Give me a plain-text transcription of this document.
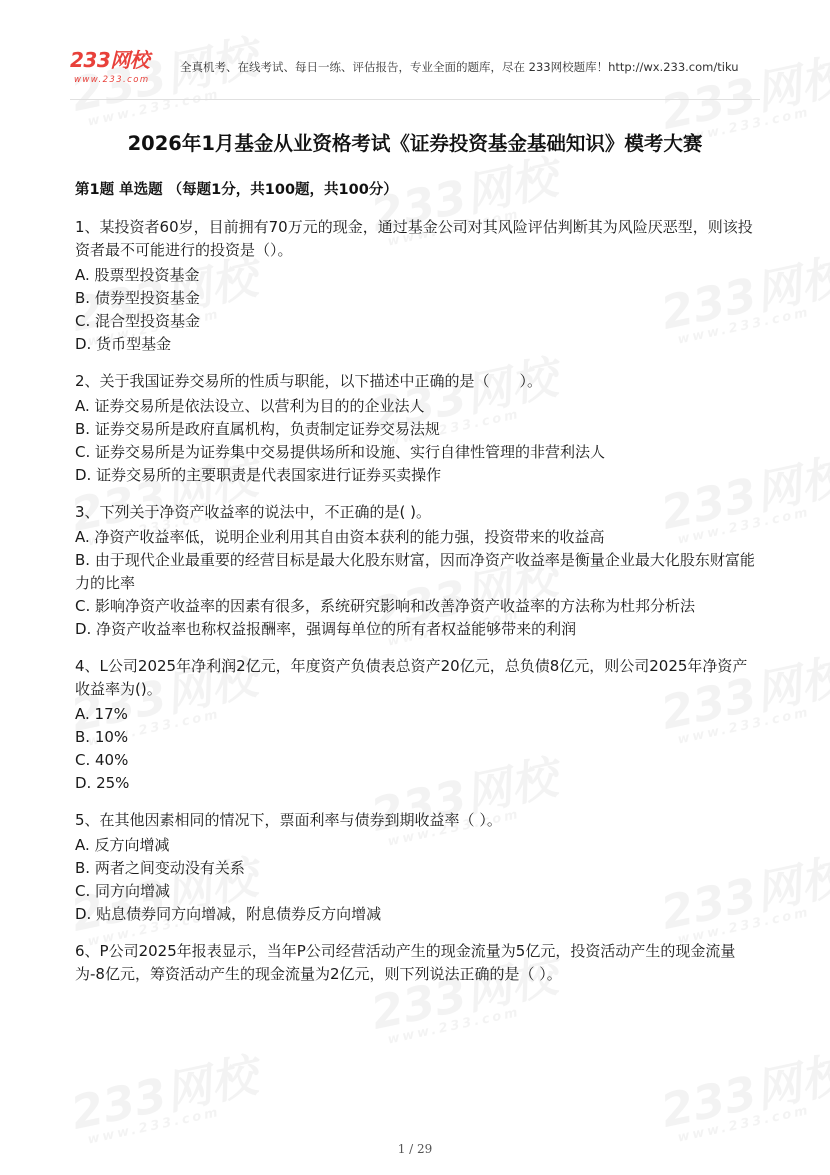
233网校
www.233.com
全真机考、在线考试、每日一练、评估报告，专业全面的题库，尽在 233网校题库！http://wx.233.com/tiku
2026年1月基金从业资格考试《证券投资基金基础知识》模考大赛
第1题 单选题 （每题1分，共100题，共100分）

1、某投资者60岁，目前拥有70万元的现金，通过基金公司对其风险评估判断其为风险厌恶型，则该投资者最不可能进行的投资是（）。

A. 股票型投资基金

B. 债券型投资基金

C. 混合型投资基金

D. 货币型基金

2、关于我国证券交易所的性质与职能，以下描述中正确的是（　　）。

A. 证券交易所是依法设立、以营利为目的的企业法人

B. 证券交易所是政府直属机构，负责制定证券交易法规

C. 证券交易所是为证券集中交易提供场所和设施、实行自律性管理的非营利法人

D. 证券交易所的主要职责是代表国家进行证券买卖操作

3、下列关于净资产收益率的说法中，不正确的是( )。

A. 净资产收益率低，说明企业利用其自由资本获利的能力强，投资带来的收益高

B. 由于现代企业最重要的经营目标是最大化股东财富，因而净资产收益率是衡量企业最大化股东财富能力的比率

C. 影响净资产收益率的因素有很多，系统研究影响和改善净资产收益率的方法称为杜邦分析法

D. 净资产收益率也称权益报酬率，强调每单位的所有者权益能够带来的利润

4、L公司2025年净利润2亿元，年度资产负债表总资产20亿元，总负债8亿元，则公司2025年净资产收益率为()。

A. 17%

B. 10%

C. 40%

D. 25%

5、在其他因素相同的情况下，票面利率与债券到期收益率（ ）。

A. 反方向增减

B. 两者之间变动没有关系

C. 同方向增减

D. 贴息债券同方向增减，附息债券反方向增减

6、P公司2025年报表显示，当年P公司经营活动产生的现金流量为5亿元，投资活动产生的现金流量为-8亿元，筹资活动产生的现金流量为2亿元，则下列说法正确的是（ ）。

1 / 29
